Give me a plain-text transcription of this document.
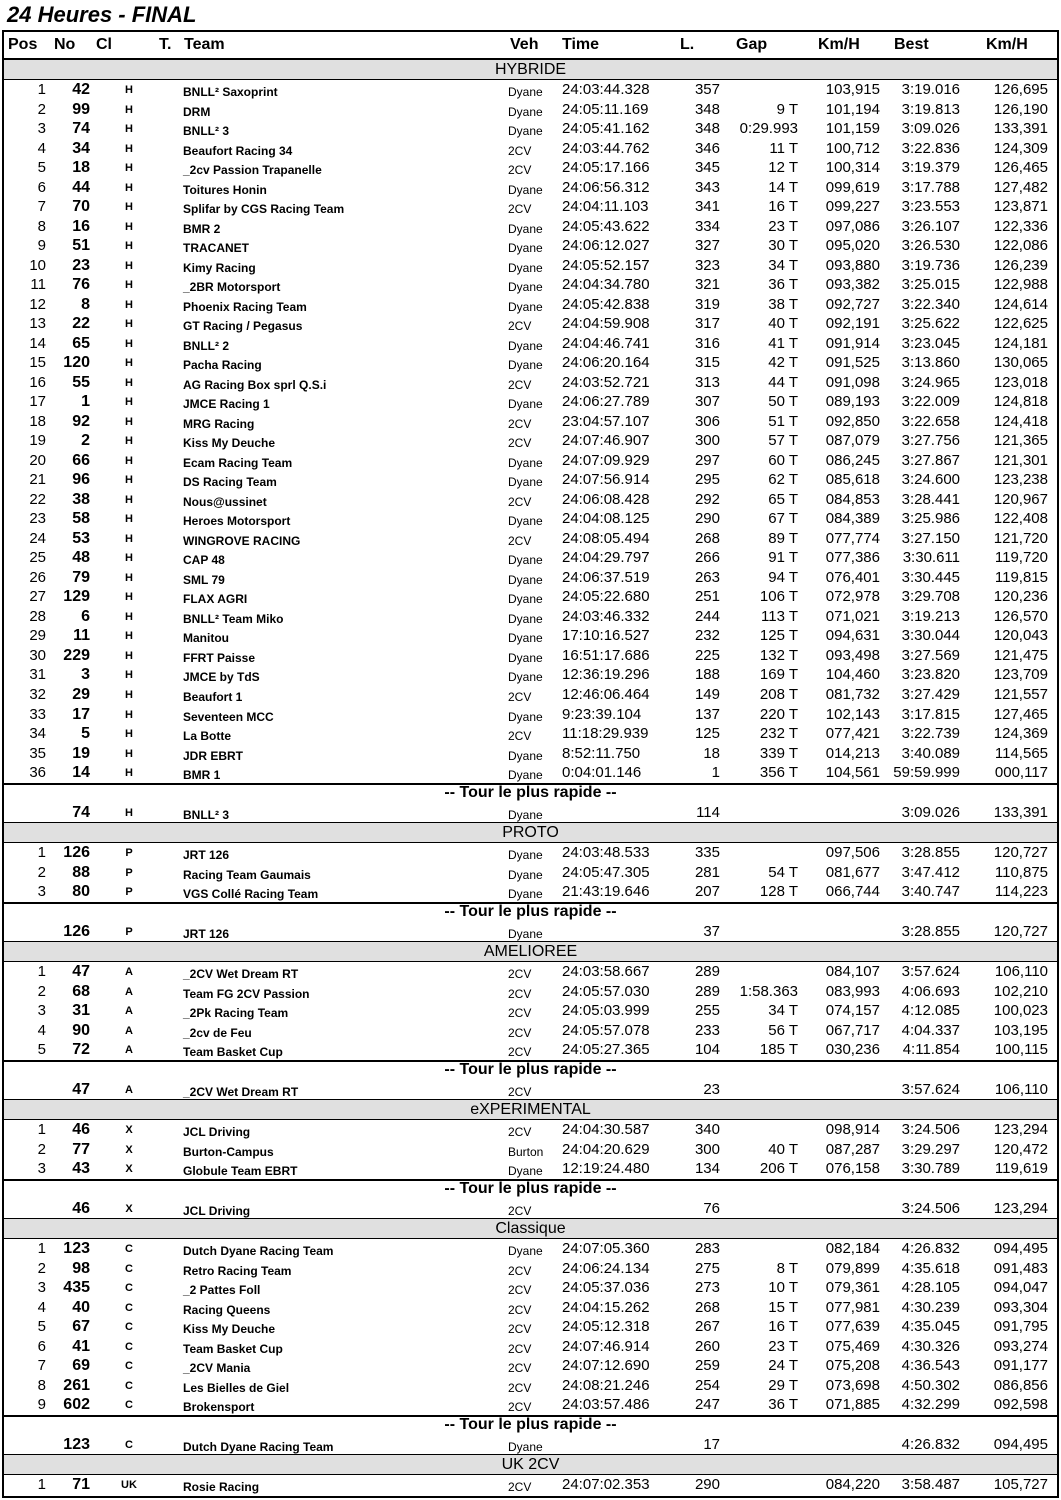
24 Heures - FINAL
Pos No Cl	T. Team	Veh Time	L.	Gap	Km/H Best	Km/H
HYBRIDE
1	42	H	BNLL² Saxoprint	Dyane 24:03:44.328	357	103,915	3:19.016	126,695
2	99	H	DRM	Dyane 24:05:11.169	348	9 T	101,194	3:19.813	126,190
3	74	H	BNLL² 3	Dyane 24:05:41.162	348	0:29.993	101,159	3:09.026	133,391
4	34	H	Beaufort Racing 34	2CV 24:03:44.762	346	11 T	100,712	3:22.836	124,309
5	18	H	_2cv Passion Trapanelle	2CV 24:05:17.166	345	12 T	100,314	3:19.379	126,465
6	44	H	Toitures Honin	Dyane 24:06:56.312	343	14 T	099,619	3:17.788	127,482
7	70	H	Splifar by CGS Racing Team	2CV 24:04:11.103	341	16 T	099,227	3:23.553	123,871
8	16	H	BMR 2	Dyane 24:05:43.622	334	23 T	097,086	3:26.107	122,336
9	51	H	TRACANET	Dyane 24:06:12.027	327	30 T	095,020	3:26.530	122,086
10	23	H	Kimy Racing	Dyane 24:05:52.157	323	34 T	093,880	3:19.736	126,239
11	76	H	_2BR Motorsport	Dyane 24:04:34.780	321	36 T	093,382	3:25.015	122,988
12	8	H	Phoenix Racing Team	Dyane 24:05:42.838	319	38 T	092,727	3:22.340	124,614
13	22	H	GT Racing / Pegasus	2CV 24:04:59.908	317	40 T	092,191	3:25.622	122,625
14	65	H	BNLL² 2	Dyane 24:04:46.741	316	41 T	091,914	3:23.045	124,181
15	120	H	Pacha Racing	Dyane 24:06:20.164	315	42 T	091,525	3:13.860	130,065
16	55	H	AG Racing Box sprl Q.S.i	2CV 24:03:52.721	313	44 T	091,098	3:24.965	123,018
17	1	H	JMCE Racing 1	Dyane 24:06:27.789	307	50 T	089,193	3:22.009	124,818
18	92	H	MRG Racing	2CV 23:04:57.107	306	51 T	092,850	3:22.658	124,418
19	2	H	Kiss My Deuche	2CV 24:07:46.907	300	57 T	087,079	3:27.756	121,365
20	66	H	Ecam Racing Team	Dyane 24:07:09.929	297	60 T	086,245	3:27.867	121,301
21	96	H	DS Racing Team	Dyane 24:07:56.914	295	62 T	085,618	3:24.600	123,238
22	38	H	Nous@ussinet	2CV 24:06:08.428	292	65 T	084,853	3:28.441	120,967
23	58	H	Heroes Motorsport	Dyane 24:04:08.125	290	67 T	084,389	3:25.986	122,408
24	53	H	WINGROVE RACING	2CV 24:08:05.494	268	89 T	077,774	3:27.150	121,720
25	48	H	CAP 48	Dyane 24:04:29.797	266	91 T	077,386	3:30.611	119,720
26	79	H	SML 79	Dyane 24:06:37.519	263	94 T	076,401	3:30.445	119,815
27	129	H	FLAX AGRI	Dyane 24:05:22.680	251	106 T	072,978	3:29.708	120,236
28	6	H	BNLL² Team Miko	Dyane 24:03:46.332	244	113 T	071,021	3:19.213	126,570
29	11	H	Manitou	Dyane 17:10:16.527	232	125 T	094,631	3:30.044	120,043
30	229	H	FFRT Paisse	Dyane 16:51:17.686	225	132 T	093,498	3:27.569	121,475
31	3	H	JMCE by TdS	Dyane 12:36:19.296	188	169 T	104,460	3:23.820	123,709
32	29	H	Beaufort 1	2CV 12:46:06.464	149	208 T	081,732	3:27.429	121,557
33	17	H	Seventeen MCC	Dyane 9:23:39.104	137	220 T	102,143	3:17.815	127,465
34	5	H	La Botte	2CV 11:18:29.939	125	232 T	077,421	3:22.739	124,369
35	19	H	JDR EBRT	Dyane 8:52:11.750	18	339 T	014,213	3:40.089	114,565
36	14	H	BMR 1	Dyane 0:04:01.146	1	356 T	104,561 59:59.999	000,117
-- Tour le plus rapide --
74	H	BNLL² 3	Dyane	114	3:09.026	133,391
PROTO
1	126	P	JRT 126	Dyane 24:03:48.533	335	097,506	3:28.855	120,727
2	88	P	Racing Team Gaumais	Dyane 24:05:47.305	281	54 T	081,677	3:47.412	110,875
3	80	P	VGS Collé Racing Team	Dyane 21:43:19.646	207	128 T	066,744	3:40.747	114,223
-- Tour le plus rapide --
126	P	JRT 126	Dyane	37	3:28.855	120,727
AMELIOREE
1	47	A	_2CV Wet Dream RT	2CV 24:03:58.667	289	084,107	3:57.624	106,110
2	68	A	Team FG 2CV Passion	2CV 24:05:57.030	289	1:58.363	083,993	4:06.693	102,210
3	31	A	_2Pk Racing Team	2CV 24:05:03.999	255	34 T	074,157	4:12.085	100,023
4	90	A	_2cv de Feu	2CV 24:05:57.078	233	56 T	067,717	4:04.337	103,195
5	72	A	Team Basket Cup	2CV 24:05:27.365	104	185 T	030,236	4:11.854	100,115
-- Tour le plus rapide --
47	A	_2CV Wet Dream RT	2CV	23	3:57.624	106,110
eXPERIMENTAL
1	46	X	JCL Driving	2CV 24:04:30.587	340	098,914	3:24.506	123,294
2	77	X	Burton-Campus	Burton 24:04:20.629	300	40 T	087,287	3:29.297	120,472
3	43	X	Globule Team EBRT	Dyane 12:19:24.480	134	206 T	076,158	3:30.789	119,619
-- Tour le plus rapide --
46	X	JCL Driving	2CV	76	3:24.506	123,294
Classique
1	123	C	Dutch Dyane Racing Team	Dyane 24:07:05.360	283	082,184	4:26.832	094,495
2	98	C	Retro Racing Team	2CV 24:06:24.134	275	8 T	079,899	4:35.618	091,483
3	435	C	_2 Pattes Foll	2CV 24:05:37.036	273	10 T	079,361	4:28.105	094,047
4	40	C	Racing Queens	2CV 24:04:15.262	268	15 T	077,981	4:30.239	093,304
5	67	C	Kiss My Deuche	2CV 24:05:12.318	267	16 T	077,639	4:35.045	091,795
6	41	C	Team Basket Cup	2CV 24:07:46.914	260	23 T	075,469	4:30.326	093,274
7	69	C	_2CV Mania	2CV 24:07:12.690	259	24 T	075,208	4:36.543	091,177
8	261	C	Les Bielles de Giel	2CV 24:08:21.246	254	29 T	073,698	4:50.302	086,856
9	602	C	Brokensport	2CV 24:03:57.486	247	36 T	071,885	4:32.299	092,598
-- Tour le plus rapide --
123	C	Dutch Dyane Racing Team	Dyane	17	4:26.832	094,495
UK 2CV
1	71	UK	Rosie Racing	2CV 24:07:02.353	290	084,220	3:58.487	105,727
